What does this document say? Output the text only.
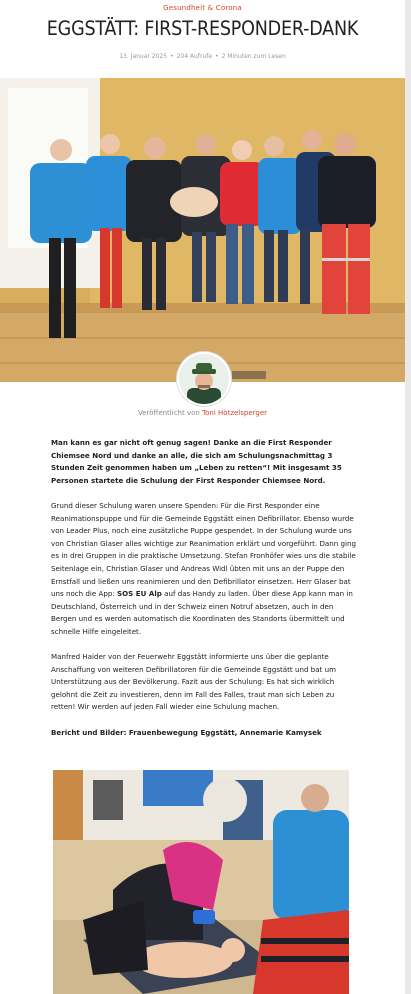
Gesundheit & Corona
EGGSTÄTT: FIRST-RESPONDER-DANK
13. Januar 2025 • 204 Aufrufe • 2 Minuten zum Lesen
Veröffentlicht von Toni Hötzelsperger

Man kann es gar nicht oft genug sagen! Danke an die First Responder Chiemsee Nord und danke an alle, die sich am Schulungsnachmittag 3 Stunden Zeit genommen haben um „Leben zu retten“! Mit insgesamt 35 Personen startete die Schulung der First Responder Chiemsee Nord.

Grund dieser Schulung waren unsere Spenden: Für die First Responder eine Reanimationspuppe und für die Gemeinde Eggstätt einen Defibrillator. Ebenso wurde von Leader Plus, noch eine zusätzliche Puppe gespendet. In der Schulung wurde uns von Christian Glaser alles wichtige zur Reanimation erklärt und vorgeführt. Dann ging es in drei Gruppen in die praktische Umsetzung. Stefan Fronhöfer wies uns die stabile Seitenlage ein, Christian Glaser und Andreas Widl übten mit uns an der Puppe den Ernstfall und ließen uns reanimieren und den Defibrillator einsetzen. Herr Glaser bat uns noch die App: SOS EU Alp auf das Handy zu laden. Über diese App kann man in Deutschland, Österreich und in der Schweiz einen Notruf absetzen, auch in den Bergen und es werden automatisch die Koordinaten des Standorts übermittelt und schnelle Hilfe eingeleitet.

Manfred Haider von der Feuerwehr Eggstätt informierte uns über die geplante Anschaffung von weiteren Defibrillatoren für die Gemeinde Eggstätt und bat um Unterstützung aus der Bevölkerung. Fazit aus der Schulung: Es hat sich wirklich gelohnt die Zeit zu investieren, denn im Fall des Falles, traut man sich Leben zu retten! Wir werden auf jeden Fall wieder eine Schulung machen.

Bericht und Bilder: Frauenbewegung Eggstätt, Annemarie Kamysek
